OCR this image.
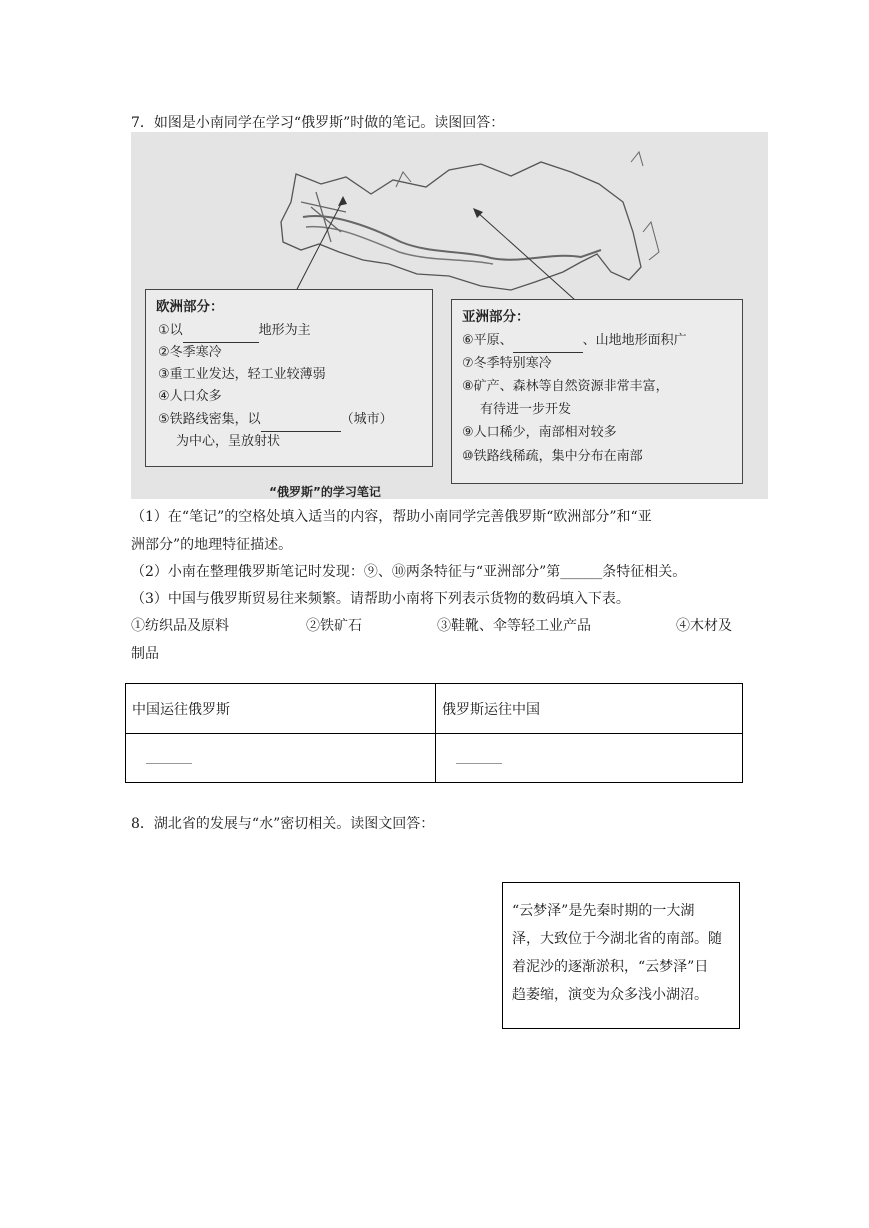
7．如图是小南同学在学习“俄罗斯”时做的笔记。读图回答：
欧洲部分：
①以	地形为主
②冬季寒冷
③重工业发达，轻工业较薄弱
④人口众多
⑤铁路线密集，以	（城市）
为中心，呈放射状
亚洲部分：
⑥平原、	、山地地形面积广
⑦冬季特别寒冷
⑧矿产、森林等自然资源非常丰富，
有待进一步开发
⑨人口稀少，南部相对较多
⑩铁路线稀疏，集中分布在南部
“俄罗斯”的学习笔记
（1）在“笔记”的空格处填入适当的内容，帮助小南同学完善俄罗斯“欧洲部分”和“亚
洲部分”的地理特征描述。
（2）小南在整理俄罗斯笔记时发现：⑨、⑩两条特征与“亚洲部分”第______条特征相关。
（3）中国与俄罗斯贸易往来频繁。请帮助小南将下列表示货物的数码填入下表。
①纺织品及原料	②铁矿石	③鞋靴、伞等轻工业产品	④木材及
制品
中国运往俄罗斯	俄罗斯运往中国

8．湖北省的发展与“水”密切相关。读图文回答：
“云梦泽”是先秦时期的一大湖
泽，大致位于今湖北省的南部。随
着泥沙的逐渐淤积，“云梦泽”日
趋萎缩，演变为众多浅小湖沼。
